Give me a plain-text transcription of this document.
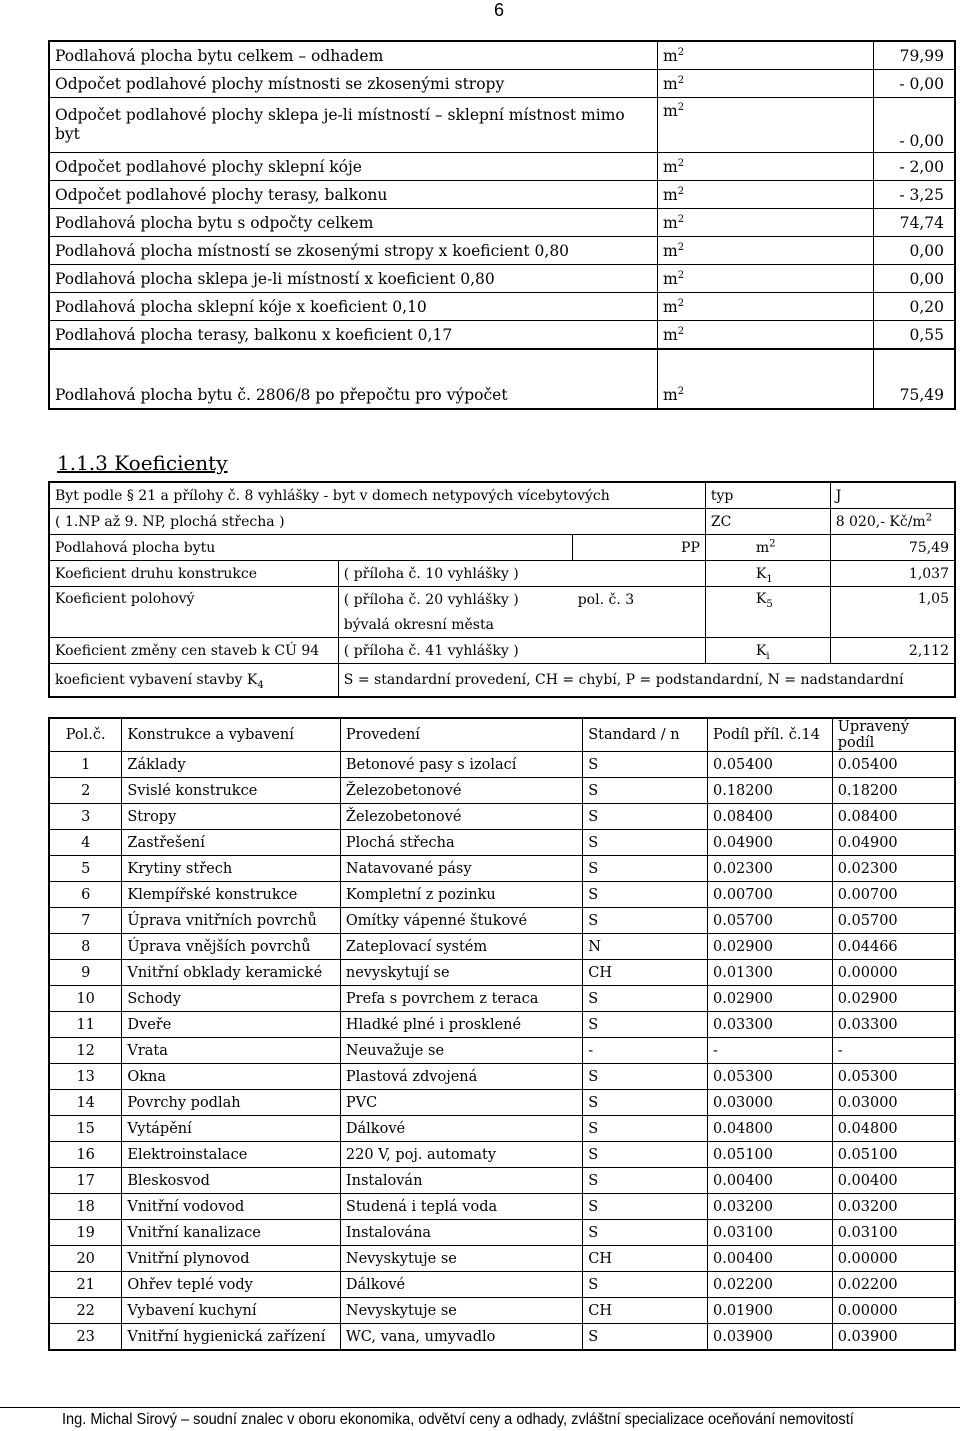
6
Podlahová plocha bytu celkem – odhadem	$m^2$	79,99
Odpočet podlahové plochy místnosti se zkosenými stropy	$m^2$	- 0,00
Odpočet podlahové plochy sklepa je-li místností – sklepní místnost mimo byt	$m^2$	- 0,00
Odpočet podlahové plochy sklepní kóje	$m^2$	- 2,00
Odpočet podlahové plochy terasy, balkonu	$m^2$	- 3,25
Podlahová plocha bytu s odpočty celkem	$m^2$	74,74
Podlahová plocha místností se zkosenými stropy x koeficient 0,80	$m^2$	0,00
Podlahová plocha sklepa je-li místností x koeficient 0,80	$m^2$	0,00
Podlahová plocha sklepní kóje x koeficient 0,10	$m^2$	0,20
Podlahová plocha terasy, balkonu x koeficient 0,17	$m^2$	0,55
Podlahová plocha bytu č. 2806/8 po přepočtu pro výpočet	$m^2$	75,49
1.1.3 Koeficienty
Byt podle § 21 a přílohy č. 8 vyhlášky - byt v domech netypových vícebytových			typ	J
( 1.NP až 9. NP, plochá střecha )			ZC	8 020,- $Kč/m^2$
Podlahová plocha bytu		PP	$m^2$	75,49
Koeficient druhu konstrukce	( příloha č. 10 vyhlášky )		$K_1$	1,037
Koeficient polohový	( příloha č. 20 vyhlášky )	pol. č. 3	$K_5$	1,05
	bývalá okresní města			
Koeficient změny cen staveb k CÚ 94	( příloha č. 41 vyhlášky )		$K_i$	2,112
koeficient vybavení stavby $K_4$	S = standardní provedení, CH = chybí, P = podstandardní, N = nadstandardní			
Pol.č.	Konstrukce a vybavení	Provedení	Standard / n	Podíl příl. č.14	Upravený podíl
1	Základy	Betonové pasy s izolací	S	0.05400	0.05400
2	Svislé konstrukce	Železobetonové	S	0.18200	0.18200
3	Stropy	Železobetonové	S	0.08400	0.08400
4	Zastřešení	Plochá střecha	S	0.04900	0.04900
5	Krytiny střech	Natavované pásy	S	0.02300	0.02300
6	Klempířské konstrukce	Kompletní z pozinku	S	0.00700	0.00700
7	Úprava vnitřních povrchů	Omítky vápenné štukové	S	0.05700	0.05700
8	Úprava vnějších povrchů	Zateplovací systém	N	0.02900	0.04466
9	Vnitřní obklady keramické	nevyskytují se	CH	0.01300	0.00000
10	Schody	Prefa s povrchem z teraca	S	0.02900	0.02900
11	Dveře	Hladké plné i prosklené	S	0.03300	0.03300
12	Vrata	Neuvažuje se	-	-	-
13	Okna	Plastová zdvojená	S	0.05300	0.05300
14	Povrchy podlah	PVC	S	0.03000	0.03000
15	Vytápění	Dálkové	S	0.04800	0.04800
16	Elektroinstalace	220 V, poj. automaty	S	0.05100	0.05100
17	Bleskosvod	Instalován	S	0.00400	0.00400
18	Vnitřní vodovod	Studená i teplá voda	S	0.03200	0.03200
19	Vnitřní kanalizace	Instalována	S	0.03100	0.03100
20	Vnitřní plynovod	Nevyskytuje se	CH	0.00400	0.00000
21	Ohřev teplé vody	Dálkové	S	0.02200	0.02200
22	Vybavení kuchyní	Nevyskytuje se	CH	0.01900	0.00000
23	Vnitřní hygienická zařízení	WC, vana, umyvadlo	S	0.03900	0.03900
Ing. Michal Sirový – soudní znalec v oboru ekonomika, odvětví ceny a odhady, zvláštní specializace oceňování nemovitostí
